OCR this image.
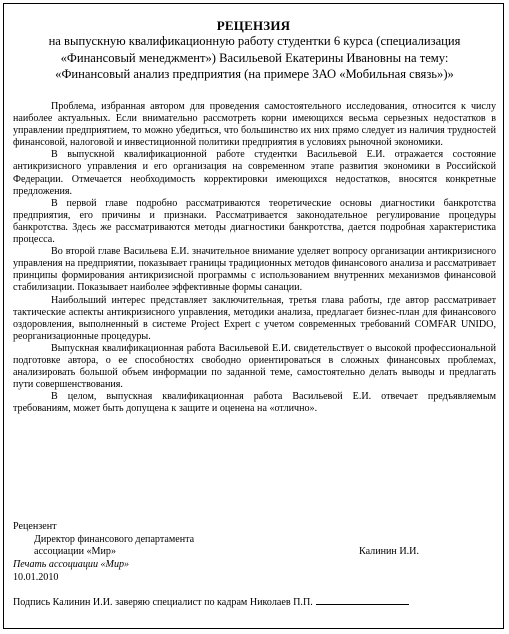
РЕЦЕНЗИЯ
на выпускную квалификационную работу студентки 6 курса (специализация «Финансовый менеджмент») Васильевой Екатерины Ивановны на тему: «Финансовый анализ предприятия (на примере ЗАО «Мобильная связь»)»

Проблема, избранная автором для проведения самостоятельного исследования, относится к числу наиболее актуальных. Если внимательно рассмотреть корни имеющихся весьма серьезных недостатков в управлении предприятием, то можно убедиться, что большинство их них прямо следует из наличия трудностей финансовой, налоговой и инвестиционной политики предприятия в условиях рыночной экономики.

В выпускной квалификационной работе студентки Васильевой Е.И. отражается состояние антикризисного управления и его организация на современном этапе развития экономики в Российской Федерации. Отмечается необходимость корректировки имеющихся недостатков, вносятся конкретные предложения.

В первой главе подробно рассматриваются теоретические основы диагностики банкротства предприятия, его причины и признаки. Рассматривается законодательное регулирование процедуры банкротства. Здесь же рассматриваются методы диагностики банкротства, дается подробная характеристика процесса.

Во второй главе Васильева Е.И. значительное внимание уделяет вопросу организации антикризисного управления на предприятии, показывает границы традиционных методов финансового анализа и рассматривает принципы формирования антикризисной программы с использованием внутренних механизмов финансовой стабилизации. Показывает наиболее эффективные формы санации.

Наибольший интерес представляет заключительная, третья глава работы, где автор рассматривает тактические аспекты антикризисного управления, методики анализа, предлагает бизнес-план для финансового оздоровления, выполненный в системе Project Expert с учетом современных требований COMFAR UNIDO, реорганизационные процедуры.

Выпускная квалификационная работа Васильевой Е.И. свидетельствует о высокой профессиональной подготовке автора, о ее способностях свободно ориентироваться в сложных финансовых проблемах, анализировать большой объем информации по заданной теме, самостоятельно делать выводы и предлагать пути совершенствования.

В целом, выпускная квалификационная работа Васильевой Е.И. отвечает предъявляемым требованиям, может быть допущена к защите и оценена на «отлично».

Рецензент
Директор финансового департамента
ассоциации «Мир»	Калинин И.И.
Печать ассоциации «Мир»
10.01.2010
Подпись Калинин И.И. заверяю специалист по кадрам Николаев П.П.
